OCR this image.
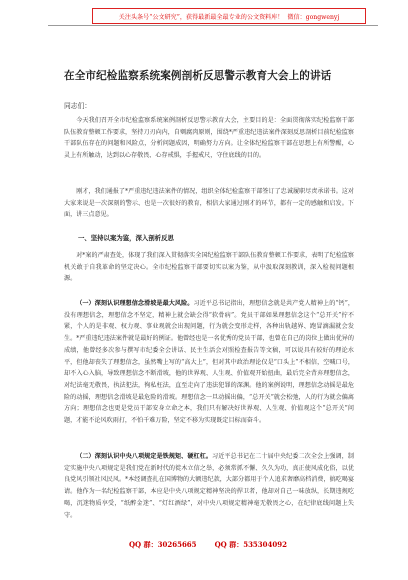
关注头条号“公文研究”，获得最新最全最专业的公文资料库！ 微信：gongwenyj
在全市纪检监察系统案例剖析反思警示教育大会上的讲话
同志们：

今天我们召开全市纪检监察系统案例剖析反思警示教育大会，主要目的是：全面贯彻落实纪检监察干部队伍教育整顿工作要求，坚持刀刃向内，自剜腐肉原则，围绕*严重违纪违法案件深刻反思剖析目前纪检监察干部队伍存在的问题和风险点，分析问题成因，明确努力方向。让全体纪检监察干部在思想上有所警醒，心灵上有所触动，达到以心存敬畏、心存戒惧，手握戒尺，守住底线的目的。

刚才，我们通报了*严重违纪违法案件的情况，组织全体纪检监察干部签订了忠诚履职尽责承诺书。这对大家来说是一次深刻的警示、也是一次很好的教育，相信大家通过刚才的环节，都有一定的感触和启发。下面，讲三点意见。

一、坚持以案为鉴，深入剖析反思

对*案的严肃查处，体现了我们深入贯彻落实全国纪检监察干部队伍教育整顿工作要求，表明了纪检监察机关敢于自我革命的坚定决心。全市纪检监察干部要切实以案为鉴，从中汲取深刻教训，深入检视问题根源。

（一）深刻认识理想信念滑坡是最大风险。习近平总书记指出，理想信念就是共产党人精神上的“钙”，没有理想信念，理想信念不坚定，精神上就会缺会得“软骨病”。党员干部如果理想信念这个“总开关”拧不紧，个人的是非观、权力观、事业观就会出现问题，行为就会变形走样，各种出轨越界、跑冒滴漏就会发生。*严重违纪违法案件就是最好的例证。他曾经也是一名优秀的党员干部，也曾在自己的岗位上做出优异的成绩，他曾经多次参与撰写市纪委全会讲话、民主生活会对照检查报告等文稿，可以说具有较好的理论水平，但他却丧失了理想信念，虽然嘴上写的“高大上”，但对其中政治理论仅是“口头上”不相信，空喊口号，却不入心入脑，导致理想信念不断滑坡，他的世界观、人生观、价值观开始扭曲，最后完全背弃理想信念，对纪法毫无敬畏，执法犯法，徇私枉法，直至走向了违法犯罪的深渊。他的案例说明，理想信念动摇是最危险的动摇，理想信念滑坡是最危险的滑坡。理想信念一旦动摇出偏，“总开关”就会松弛，人的行为就会偏离方向；理想信念也更是党员干部安身立命之本，我们只有解决好世界观、人生观、价值观这个“总开关”问题，才能不论风吹雨打，不怕千难万险，坚定不移为实现既定目标而奋斗。

（二）深刻认识中央八项规定是铁规矩、硬杠杠。习近平总书记在二十届中央纪委二次全会上强调，制定实施中央八项规定是我们党在新时代的徙木立信之举，必须常抓不懈、久久为功，真正使风成化俗，以优良党风引领社风民风。*本经调查扎在国博物的大额违纪款，大部分都用于个人追求奢靡高档消费，搞吃喝宴请。他作为一名纪检监察干部，本应是中央八项规定精神坚决的捍卫者，他却对自己一味放纵，长期违规吃喝，沉迷物质享受，“纸醉金迷”、“灯红酒绿”，对中央八项规定精神毫无敬畏之心，在纪律底线问题上失守。

QQ 群：30265665	QQ 群：535304092
